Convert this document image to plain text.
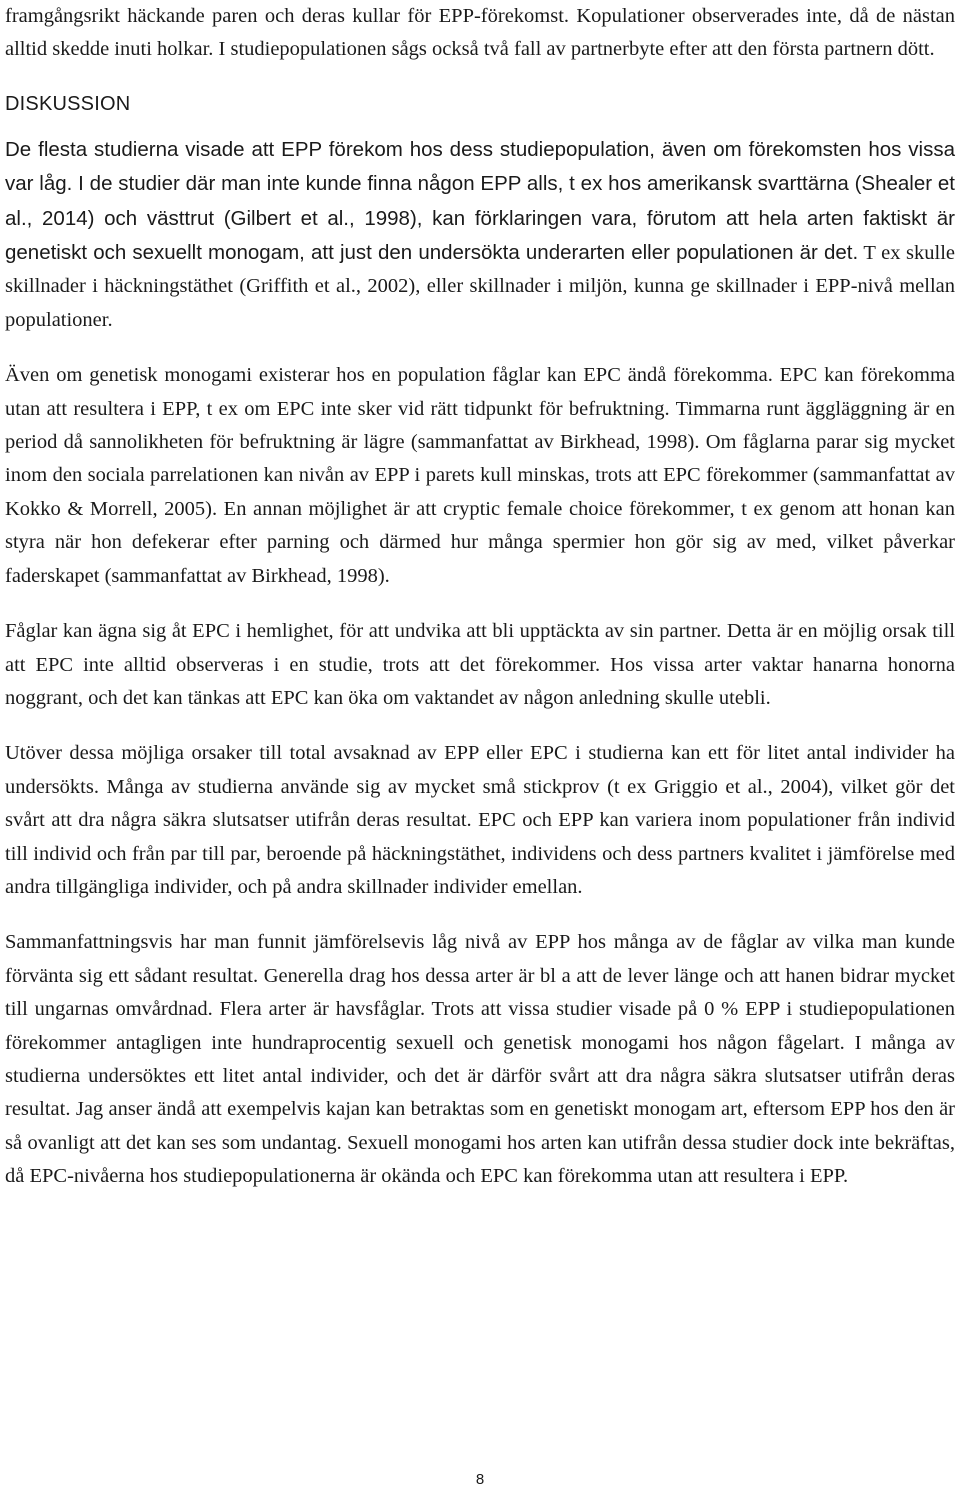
framgångsrikt häckande paren och deras kullar för EPP-förekomst. Kopulationer observerades inte, då de nästan alltid skedde inuti holkar. I studiepopulationen sågs också två fall av partnerbyte efter att den första partnern dött.

DISKUSSION

De flesta studierna visade att EPP förekom hos dess studiepopulation, även om förekomsten hos vissa var låg. I de studier där man inte kunde finna någon EPP alls, t ex hos amerikansk svarttärna (Shealer et al., 2014) och västtrut (Gilbert et al., 1998), kan förklaringen vara, förutom att hela arten faktiskt är genetiskt och sexuellt monogam, att just den undersökta underarten eller populationen är det. T ex skulle skillnader i häckningstäthet (Griffith et al., 2002), eller skillnader i miljön, kunna ge skillnader i EPP-nivå mellan populationer.

Även om genetisk monogami existerar hos en population fåglar kan EPC ändå förekomma. EPC kan förekomma utan att resultera i EPP, t ex om EPC inte sker vid rätt tidpunkt för befruktning. Timmarna runt äggläggning är en period då sannolikheten för befruktning är lägre (sammanfattat av Birkhead, 1998). Om fåglarna parar sig mycket inom den sociala parrelationen kan nivån av EPP i parets kull minskas, trots att EPC förekommer (sammanfattat av Kokko & Morrell, 2005). En annan möjlighet är att cryptic female choice förekommer, t ex genom att honan kan styra när hon defekerar efter parning och därmed hur många spermier hon gör sig av med, vilket påverkar faderskapet (sammanfattat av Birkhead, 1998).

Fåglar kan ägna sig åt EPC i hemlighet, för att undvika att bli upptäckta av sin partner. Detta är en möjlig orsak till att EPC inte alltid observeras i en studie, trots att det förekommer. Hos vissa arter vaktar hanarna honorna noggrant, och det kan tänkas att EPC kan öka om vaktandet av någon anledning skulle utebli.

Utöver dessa möjliga orsaker till total avsaknad av EPP eller EPC i studierna kan ett för litet antal individer ha undersökts. Många av studierna använde sig av mycket små stickprov (t ex Griggio et al., 2004), vilket gör det svårt att dra några säkra slutsatser utifrån deras resultat. EPC och EPP kan variera inom populationer från individ till individ och från par till par, beroende på häckningstäthet, individens och dess partners kvalitet i jämförelse med andra tillgängliga individer, och på andra skillnader individer emellan.

Sammanfattningsvis har man funnit jämförelsevis låg nivå av EPP hos många av de fåglar av vilka man kunde förvänta sig ett sådant resultat. Generella drag hos dessa arter är bl a att de lever länge och att hanen bidrar mycket till ungarnas omvårdnad. Flera arter är havsfåglar. Trots att vissa studier visade på 0 % EPP i studiepopulationen förekommer antagligen inte hundraprocentig sexuell och genetisk monogami hos någon fågelart. I många av studierna undersöktes ett litet antal individer, och det är därför svårt att dra några säkra slutsatser utifrån deras resultat. Jag anser ändå att exempelvis kajan kan betraktas som en genetiskt monogam art, eftersom EPP hos den är så ovanligt att det kan ses som undantag. Sexuell monogami hos arten kan utifrån dessa studier dock inte bekräftas, då EPC-nivåerna hos studiepopulationerna är okända och EPC kan förekomma utan att resultera i EPP.

8
